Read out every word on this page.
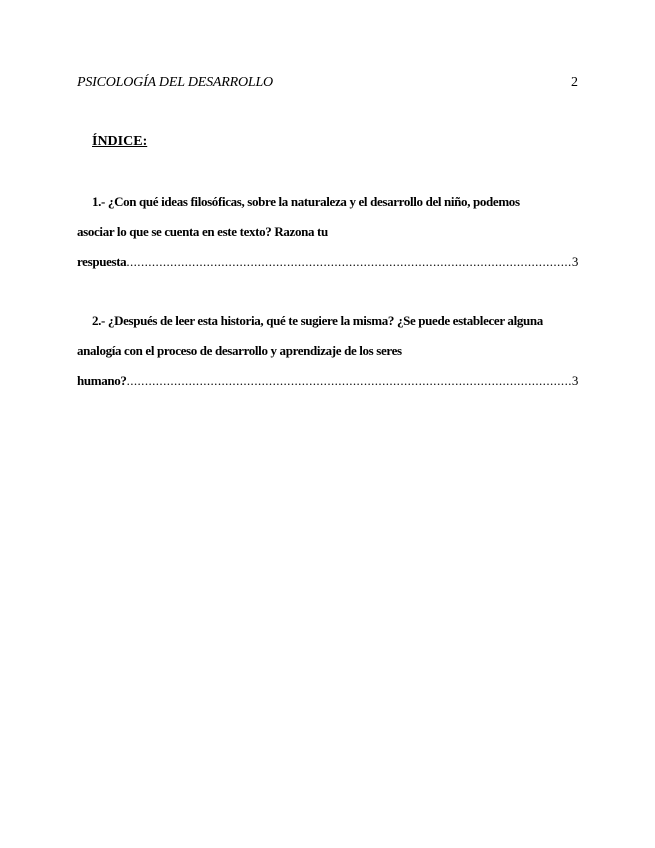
PSICOLOGÍA DEL DESARROLLO	2
ÍNDICE:
1.- ¿Con qué ideas filosóficas, sobre la naturaleza y el desarrollo del niño, podemos
asociar lo que se cuenta en este texto? Razona tu
respuesta .....	3
2.- ¿Después de leer esta historia, qué te sugiere la misma? ¿Se puede establecer alguna
analogía con el proceso de desarrollo y aprendizaje de los seres
humano? .....	3
